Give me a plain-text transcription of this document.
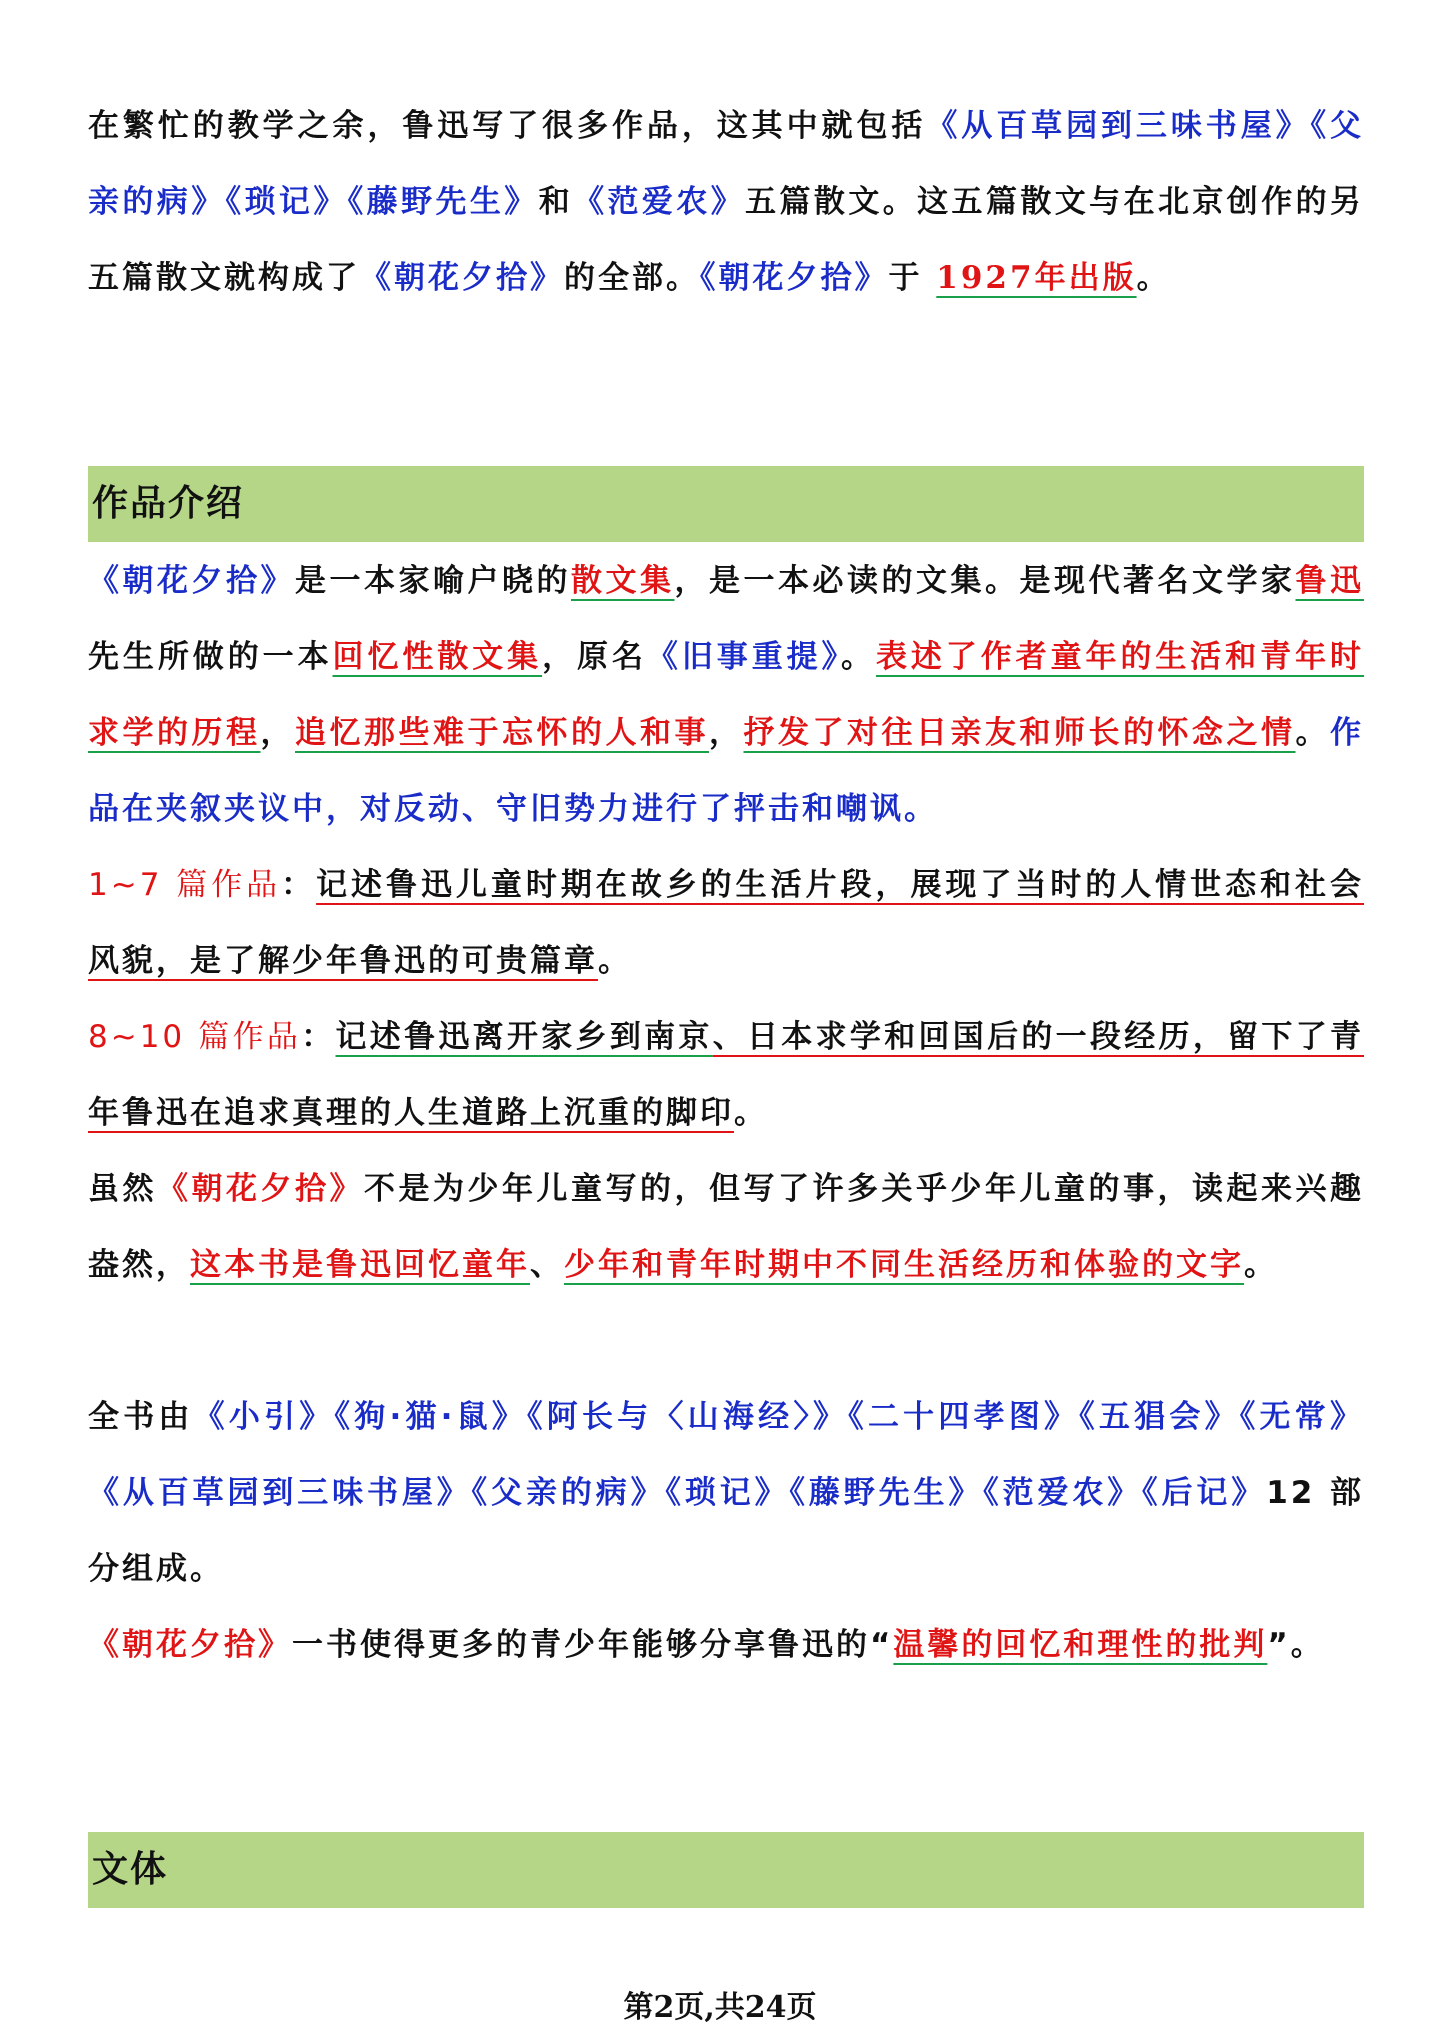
在繁忙的教学之余，鲁迅写了很多作品，这其中就包括《从百草园到三味书屋》《父亲的病》《琐记》《藤野先生》和《范爱农》五篇散文。这五篇散文与在北京创作的另五篇散文就构成了《朝花夕拾》的全部。《朝花夕拾》于 1927年出版。
作品介绍
《朝花夕拾》是一本家喻户晓的散文集，是一本必读的文集。是现代著名文学家鲁迅先生所做的一本回忆性散文集，原名《旧事重提》。表述了作者童年的生活和青年时求学的历程，追忆那些难于忘怀的人和事，抒发了对往日亲友和师长的怀念之情。作品在夹叙夹议中，对反动、守旧势力进行了抨击和嘲讽。
1~7 篇作品：记述鲁迅儿童时期在故乡的生活片段，展现了当时的人情世态和社会风貌，是了解少年鲁迅的可贵篇章。
8~10 篇作品：记述鲁迅离开家乡到南京、日本求学和回国后的一段经历，留下了青年鲁迅在追求真理的人生道路上沉重的脚印。
虽然《朝花夕拾》不是为少年儿童写的，但写了许多关乎少年儿童的事，读起来兴趣盎然，这本书是鲁迅回忆童年、少年和青年时期中不同生活经历和体验的文字。
全书由《小引》《狗·猫·鼠》《阿长与〈山海经〉》《二十四孝图》《五猖会》《无常》《从百草园到三味书屋》《父亲的病》《琐记》《藤野先生》《范爱农》《后记》12 部分组成。
《朝花夕拾》一书使得更多的青少年能够分享鲁迅的“温馨的回忆和理性的批判”。
文体
第2页,共24页
